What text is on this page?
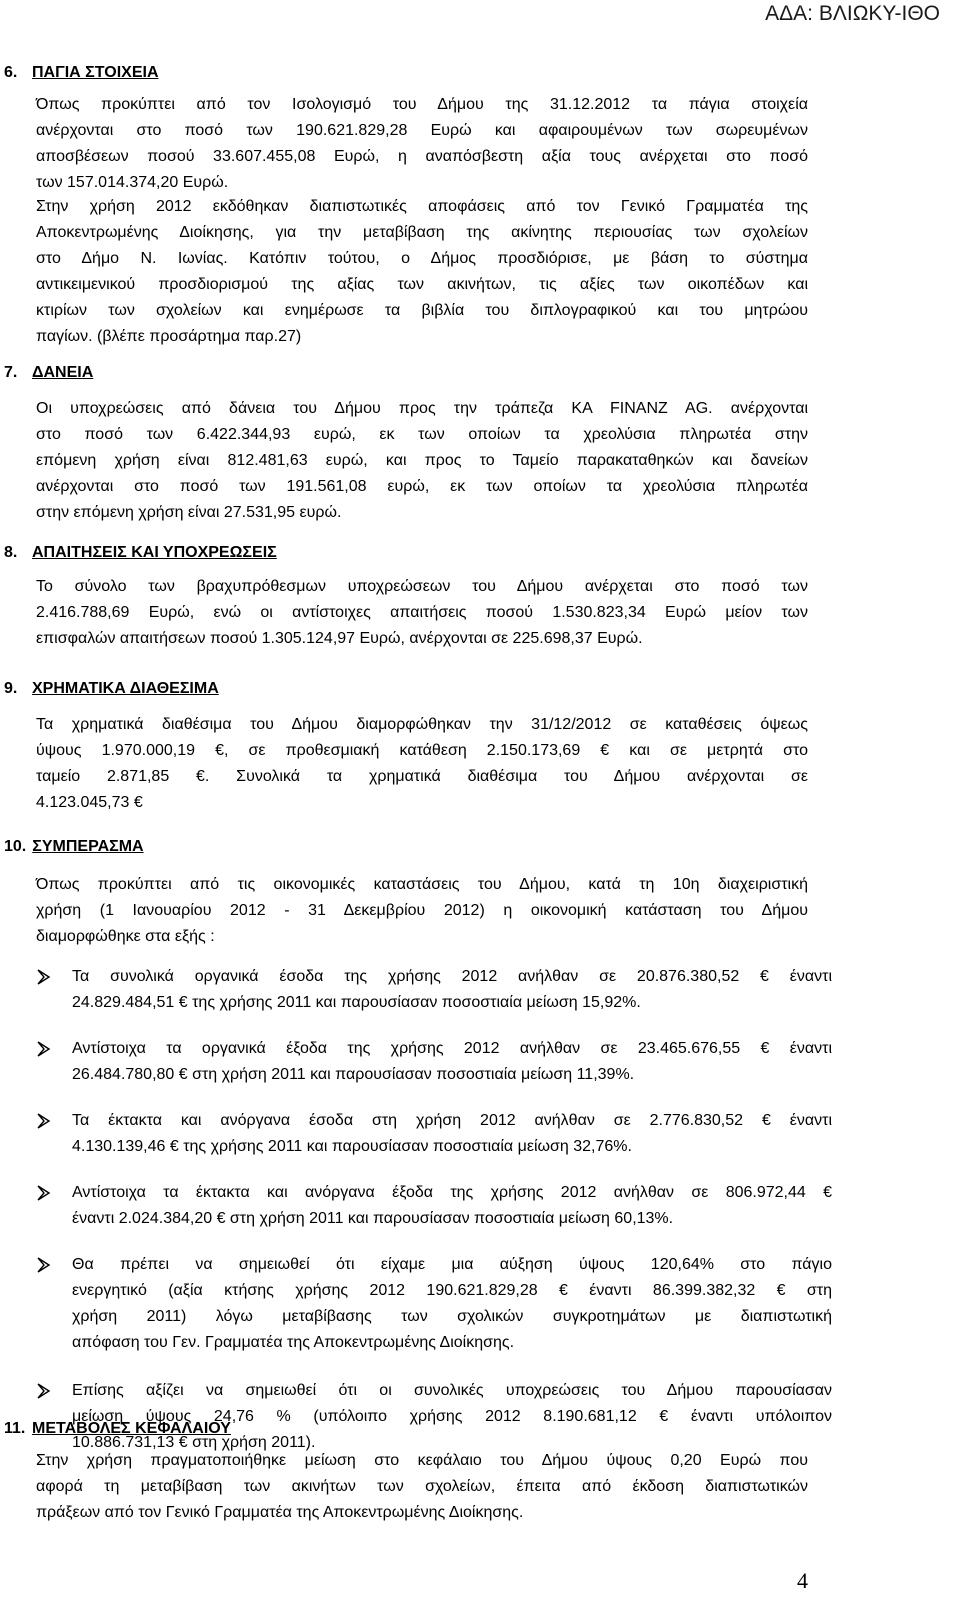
ΑΔΑ: ΒΛΙΩΚΥ-ΙΘΟ
6. ΠΑΓΙΑ ΣΤΟΙΧΕΙΑ
Όπως προκύπτει από τον Ισολογισμό του Δήμου της 31.12.2012 τα πάγια στοιχεία
ανέρχονται στο ποσό των 190.621.829,28 Ευρώ και αφαιρουμένων των σωρευμένων
αποσβέσεων ποσού 33.607.455,08 Ευρώ, η αναπόσβεστη αξία τους ανέρχεται στο ποσό
των 157.014.374,20 Ευρώ.
Στην χρήση 2012 εκδόθηκαν διαπιστωτικές αποφάσεις από τον Γενικό Γραμματέα της
Αποκεντρωμένης Διοίκησης, για την μεταβίβαση της ακίνητης περιουσίας των σχολείων
στο Δήμο Ν. Ιωνίας. Κατόπιν τούτου, ο Δήμος προσδιόρισε, με βάση το σύστημα
αντικειμενικού προσδιορισμού της αξίας των ακινήτων, τις αξίες των οικοπέδων και
κτιρίων των σχολείων και ενημέρωσε τα βιβλία του διπλογραφικού και του μητρώου
παγίων. (βλέπε προσάρτημα παρ.27)
7. ΔΑΝΕΙΑ
Οι υποχρεώσεις από δάνεια του Δήμου προς την τράπεζα KA FINANZ AG. ανέρχονται
στο ποσό των 6.422.344,93 ευρώ, εκ των οποίων τα χρεολύσια πληρωτέα στην
επόμενη χρήση είναι 812.481,63 ευρώ, και προς το Ταμείο παρακαταθηκών και δανείων
ανέρχονται στο ποσό των 191.561,08 ευρώ, εκ των οποίων τα χρεολύσια πληρωτέα
στην επόμενη χρήση είναι 27.531,95 ευρώ.
8. ΑΠΑΙΤΗΣΕΙΣ ΚΑΙ ΥΠΟΧΡΕΩΣΕΙΣ
Το σύνολο των βραχυπρόθεσμων υποχρεώσεων του Δήμου ανέρχεται στο ποσό των
2.416.788,69 Ευρώ, ενώ οι αντίστοιχες απαιτήσεις ποσού 1.530.823,34 Ευρώ μείον των
επισφαλών απαιτήσεων ποσού 1.305.124,97 Ευρώ, ανέρχονται σε 225.698,37 Ευρώ.
9. ΧΡΗΜΑΤΙΚΑ ΔΙΑΘΕΣΙΜΑ
Τα χρηματικά διαθέσιμα του Δήμου διαμορφώθηκαν την 31/12/2012 σε καταθέσεις όψεως
ύψους 1.970.000,19 €, σε προθεσμιακή κατάθεση 2.150.173,69 € και σε μετρητά στο
ταμείο 2.871,85 €. Συνολικά τα χρηματικά διαθέσιμα του Δήμου ανέρχονται σε
4.123.045,73 €
10. ΣΥΜΠΕΡΑΣΜΑ
Όπως προκύπτει από τις οικονομικές καταστάσεις του Δήμου, κατά τη 10η διαχειριστική
χρήση (1 Ιανουαρίου 2012 - 31 Δεκεμβρίου 2012) η οικονομική κατάσταση του Δήμου
διαμορφώθηκε στα εξής :
Τα συνολικά οργανικά έσοδα της χρήσης 2012 ανήλθαν σε 20.876.380,52 € έναντι
24.829.484,51 € της χρήσης 2011 και παρουσίασαν ποσοστιαία μείωση 15,92%.
Αντίστοιχα τα οργανικά έξοδα της χρήσης 2012 ανήλθαν σε 23.465.676,55 € έναντι
26.484.780,80 € στη χρήση 2011 και παρουσίασαν ποσοστιαία μείωση 11,39%.
Τα έκτακτα και ανόργανα έσοδα στη χρήση 2012 ανήλθαν σε 2.776.830,52 € έναντι
4.130.139,46 € της χρήσης 2011 και παρουσίασαν ποσοστιαία μείωση 32,76%.
Αντίστοιχα τα έκτακτα και ανόργανα έξοδα της χρήσης 2012 ανήλθαν σε 806.972,44 €
έναντι 2.024.384,20 € στη χρήση 2011 και παρουσίασαν ποσοστιαία μείωση 60,13%.
Θα πρέπει να σημειωθεί ότι είχαμε μια αύξηση ύψους 120,64% στο πάγιο
ενεργητικό (αξία κτήσης χρήσης 2012 190.621.829,28 € έναντι 86.399.382,32 € στη
χρήση 2011) λόγω μεταβίβασης των σχολικών συγκροτημάτων με διαπιστωτική
απόφαση του Γεν. Γραμματέα της Αποκεντρωμένης Διοίκησης.
Επίσης αξίζει να σημειωθεί ότι οι συνολικές υποχρεώσεις του Δήμου παρουσίασαν
μείωση ύψους 24,76 % (υπόλοιπο χρήσης 2012 8.190.681,12 € έναντι υπόλοιπον
10.886.731,13 € στη χρήση 2011).
11. ΜΕΤΑΒΟΛΕΣ ΚΕΦΑΛΑΙΟΥ
Στην χρήση πραγματοποιήθηκε μείωση στο κεφάλαιο του Δήμου ύψους 0,20 Ευρώ που
αφορά τη μεταβίβαση των ακινήτων των σχολείων, έπειτα από έκδοση διαπιστωτικών
πράξεων από τον Γενικό Γραμματέα της Αποκεντρωμένης Διοίκησης.
4
